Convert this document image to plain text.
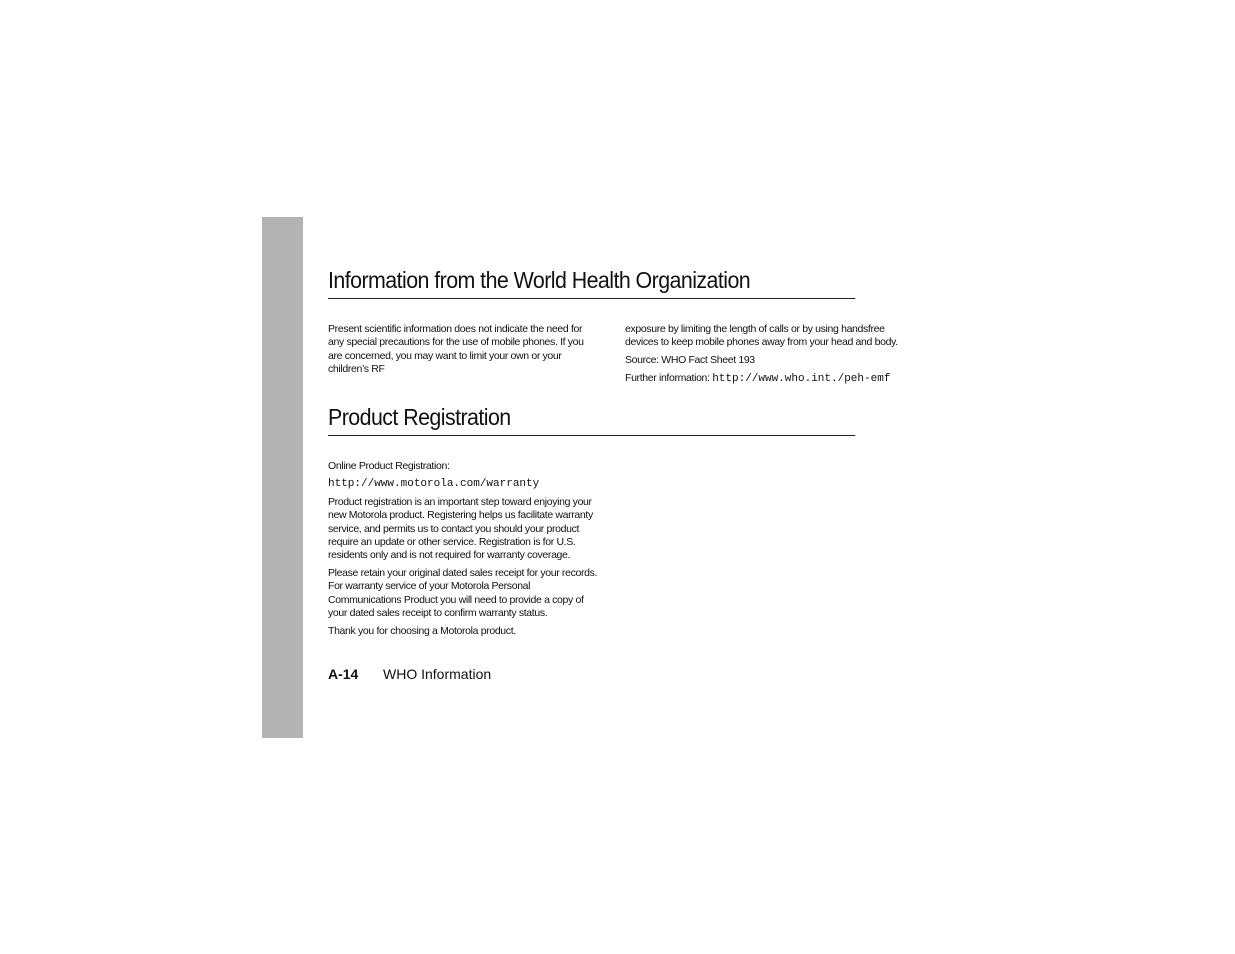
Information from the World Health Organization

Present scientific information does not indicate the need for any special precautions for the use of mobile phones. If you are concerned, you may want to limit your own or your children’s RF

exposure by limiting the length of calls or by using handsfree devices to keep mobile phones away from your head and body.

Source: WHO Fact Sheet 193

Further information: http://www.who.int./peh-emf

Product Registration

Online Product Registration:

http://www.motorola.com/warranty

Product registration is an important step toward enjoying your new Motorola product. Registering helps us facilitate warranty service, and permits us to contact you should your product require an update or other service. Registration is for U.S. residents only and is not required for warranty coverage.

Please retain your original dated sales receipt for your records. For warranty service of your Motorola Personal Communications Product you will need to provide a copy of your dated sales receipt to confirm warranty status.

Thank you for choosing a Motorola product.

A-14 WHO Information
